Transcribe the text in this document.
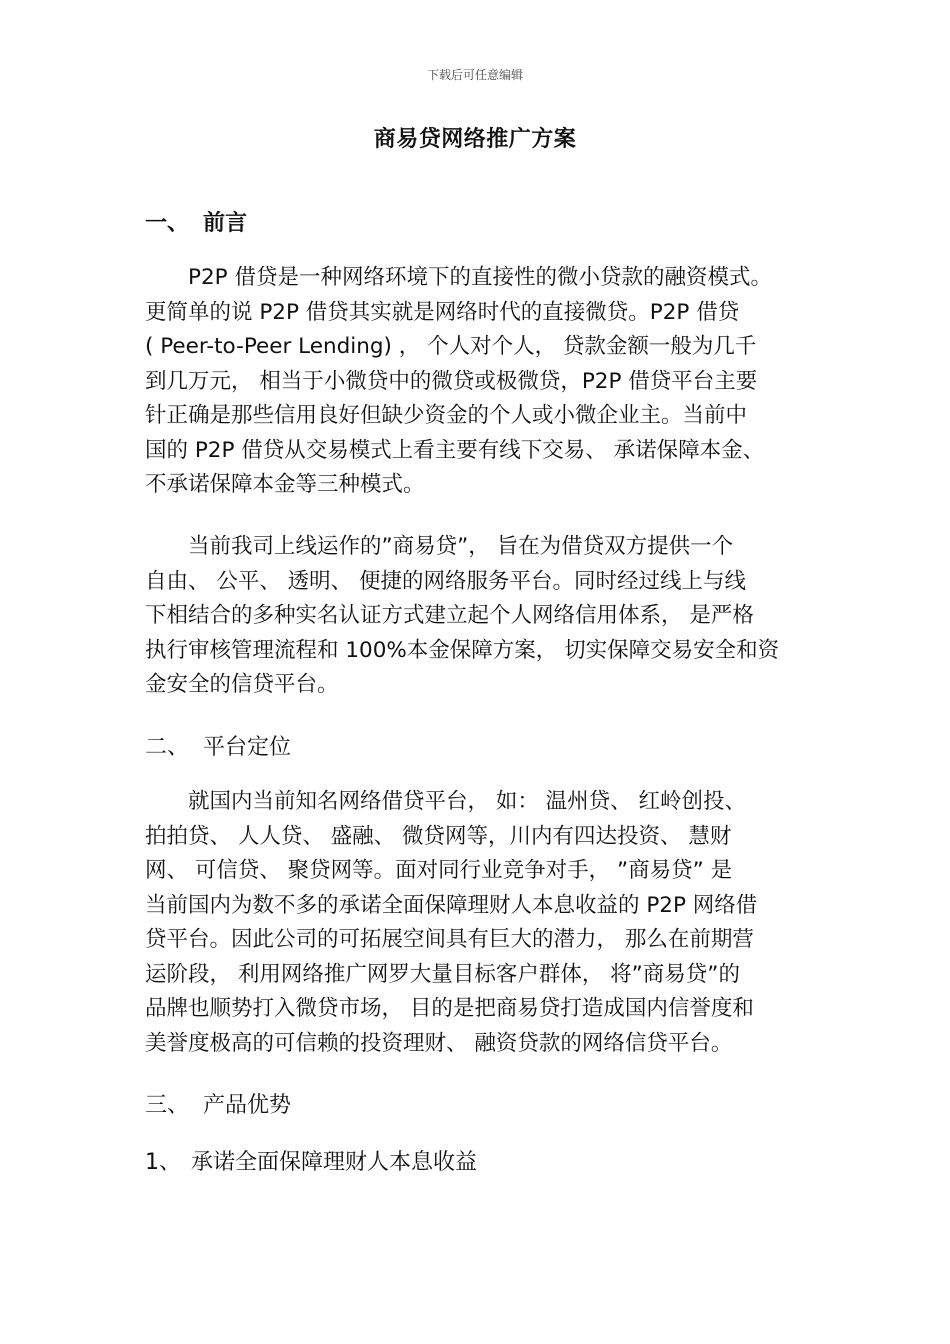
下载后可任意编辑
商易贷网络推广方案
一、 前言
　　P2P 借贷是一种网络环境下的直接性的微小贷款的融资模式。
更简单的说 P2P 借贷其实就是网络时代的直接微贷。P2P 借贷
( Peer-to-Peer Lending) ， 个人对个人， 贷款金额一般为几千
到几万元， 相当于小微贷中的微贷或极微贷，P2P 借贷平台主要
针正确是那些信用良好但缺少资金的个人或小微企业主。当前中
国的 P2P 借贷从交易模式上看主要有线下交易、 承诺保障本金、
不承诺保障本金等三种模式。
　　当前我司上线运作的”商易贷”， 旨在为借贷双方提供一个
自由、 公平、 透明、 便捷的网络服务平台。同时经过线上与线
下相结合的多种实名认证方式建立起个人网络信用体系， 是严格
执行审核管理流程和 100%本金保障方案， 切实保障交易安全和资
金安全的信贷平台。
二、 平台定位
　　就国内当前知名网络借贷平台， 如： 温州贷、 红岭创投、
拍拍贷、 人人贷、 盛融、 微贷网等，川内有四达投资、 慧财
网、 可信贷、 聚贷网等。面对同行业竞争对手， ”商易贷” 是
当前国内为数不多的承诺全面保障理财人本息收益的 P2P 网络借
贷平台。因此公司的可拓展空间具有巨大的潜力， 那么在前期营
运阶段， 利用网络推广网罗大量目标客户群体， 将”商易贷”的
品牌也顺势打入微贷市场， 目的是把商易贷打造成国内信誉度和
美誉度极高的可信赖的投资理财、 融资贷款的网络信贷平台。
三、 产品优势
1、 承诺全面保障理财人本息收益
